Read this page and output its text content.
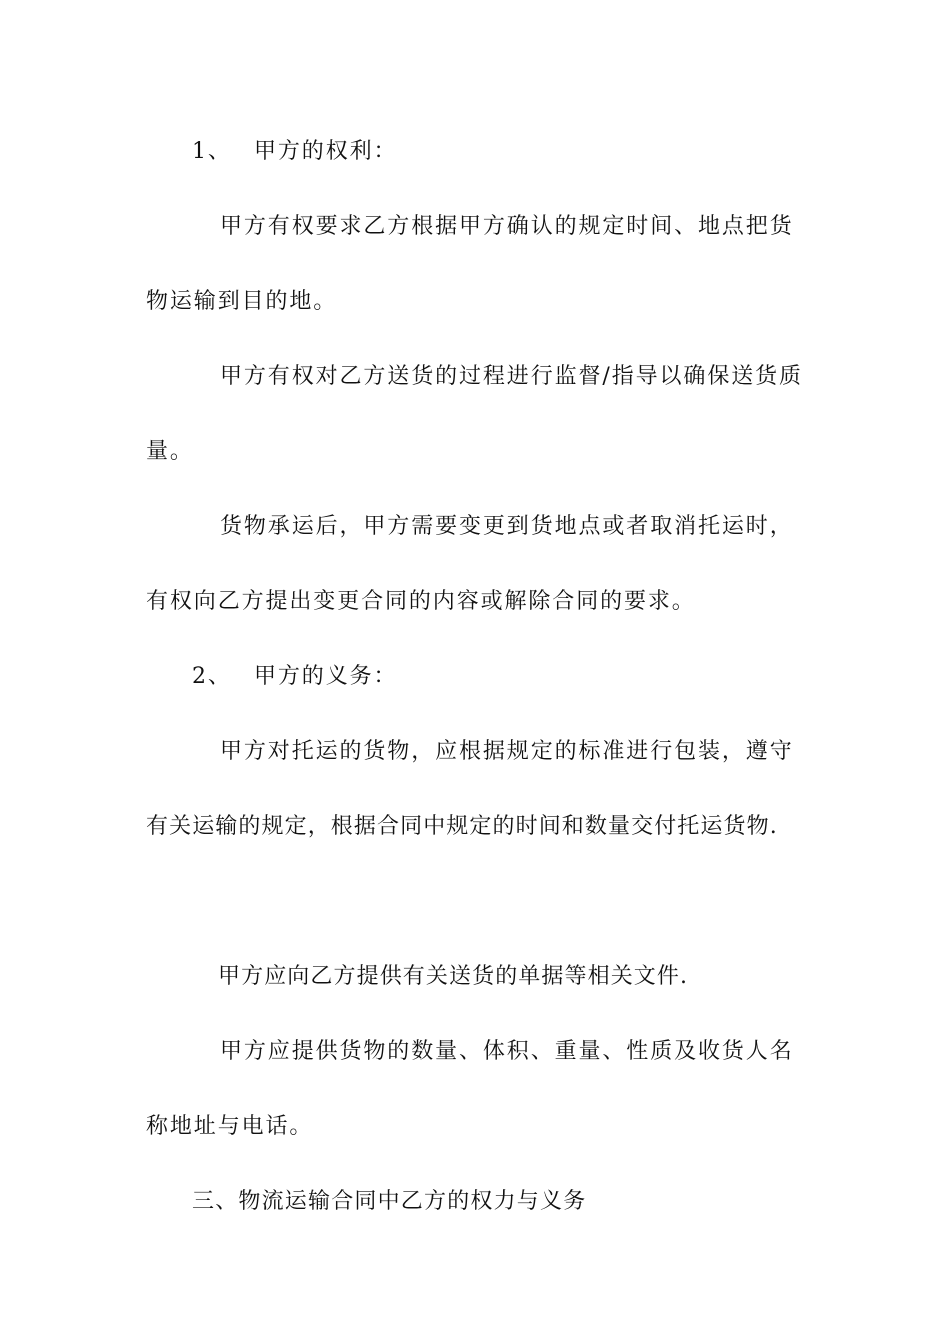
1、 甲方的权利：
甲方有权要求乙方根据甲方确认的规定时间、地点把货
物运输到目的地。
甲方有权对乙方送货的过程进行监督/指导以确保送货质
量。
货物承运后，甲方需要变更到货地点或者取消托运时，
有权向乙方提出变更合同的内容或解除合同的要求。
2、 甲方的义务：
甲方对托运的货物，应根据规定的标准进行包装，遵守
有关运输的规定，根据合同中规定的时间和数量交付托运货物.
甲方应向乙方提供有关送货的单据等相关文件.
甲方应提供货物的数量、体积、重量、性质及收货人名
称地址与电话。
三、物流运输合同中乙方的权力与义务
